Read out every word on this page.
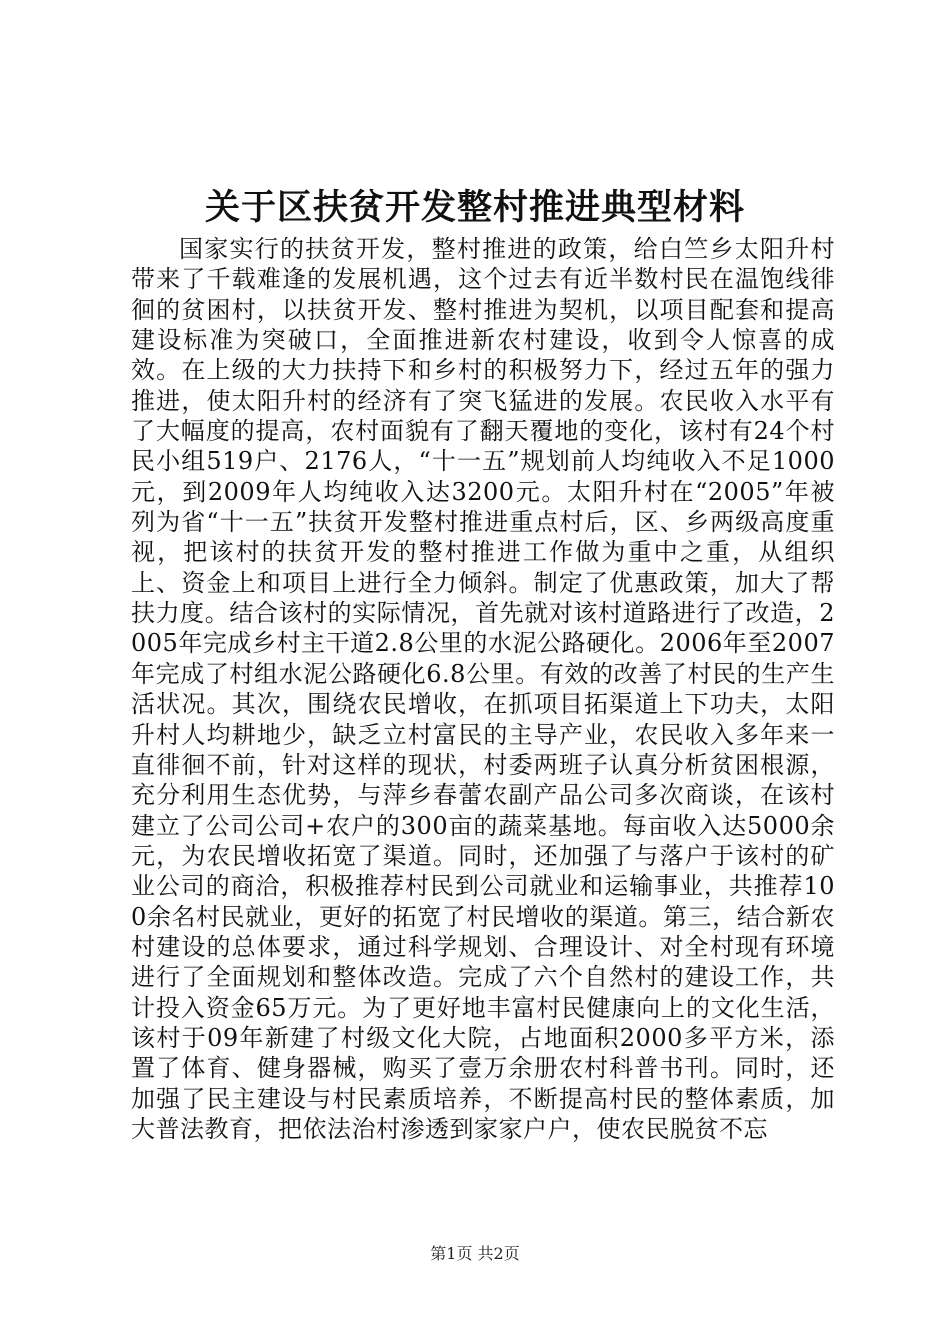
关于区扶贫开发整村推进典型材料

国家实行的扶贫开发，整村推进的政策，给白竺乡太阳升村带来了千载难逢的发展机遇，这个过去有近半数村民在温饱线徘徊的贫困村，以扶贫开发、整村推进为契机，以项目配套和提高建设标准为突破口，全面推进新农村建设，收到令人惊喜的成效。在上级的大力扶持下和乡村的积极努力下，经过五年的强力推进，使太阳升村的经济有了突飞猛进的发展。农民收入水平有了大幅度的提高，农村面貌有了翻天覆地的变化，该村有24个村民小组519户、2176人，“十一五”规划前人均纯收入不足1000元，到2009年人均纯收入达3200元。太阳升村在“2005”年被列为省“十一五”扶贫开发整村推进重点村后，区、乡两级高度重视，把该村的扶贫开发的整村推进工作做为重中之重，从组织上、资金上和项目上进行全力倾斜。制定了优惠政策，加大了帮扶力度。结合该村的实际情况，首先就对该村道路进行了改造，2005年完成乡村主干道2.8公里的水泥公路硬化。2006年至2007年完成了村组水泥公路硬化6.8公里。有效的改善了村民的生产生活状况。其次，围绕农民增收，在抓项目拓渠道上下功夫，太阳升村人均耕地少，缺乏立村富民的主导产业，农民收入多年来一直徘徊不前，针对这样的现状，村委两班子认真分析贫困根源，充分利用生态优势，与萍乡春蕾农副产品公司多次商谈，在该村建立了公司公司+农户的300亩的蔬菜基地。每亩收入达5000余元，为农民增收拓宽了渠道。同时，还加强了与落户于该村的矿业公司的商洽，积极推荐村民到公司就业和运输事业，共推荐100余名村民就业，更好的拓宽了村民增收的渠道。第三，结合新农村建设的总体要求，通过科学规划、合理设计、对全村现有环境进行了全面规划和整体改造。完成了六个自然村的建设工作，共计投入资金65万元。为了更好地丰富村民健康向上的文化生活，该村于09年新建了村级文化大院，占地面积2000多平方米，添置了体育、健身器械，购买了壹万余册农村科普书刊。同时，还加强了民主建设与村民素质培养，不断提高村民的整体素质，加大普法教育，把依法治村渗透到家家户户，使农民脱贫不忘

第1页 共2页
